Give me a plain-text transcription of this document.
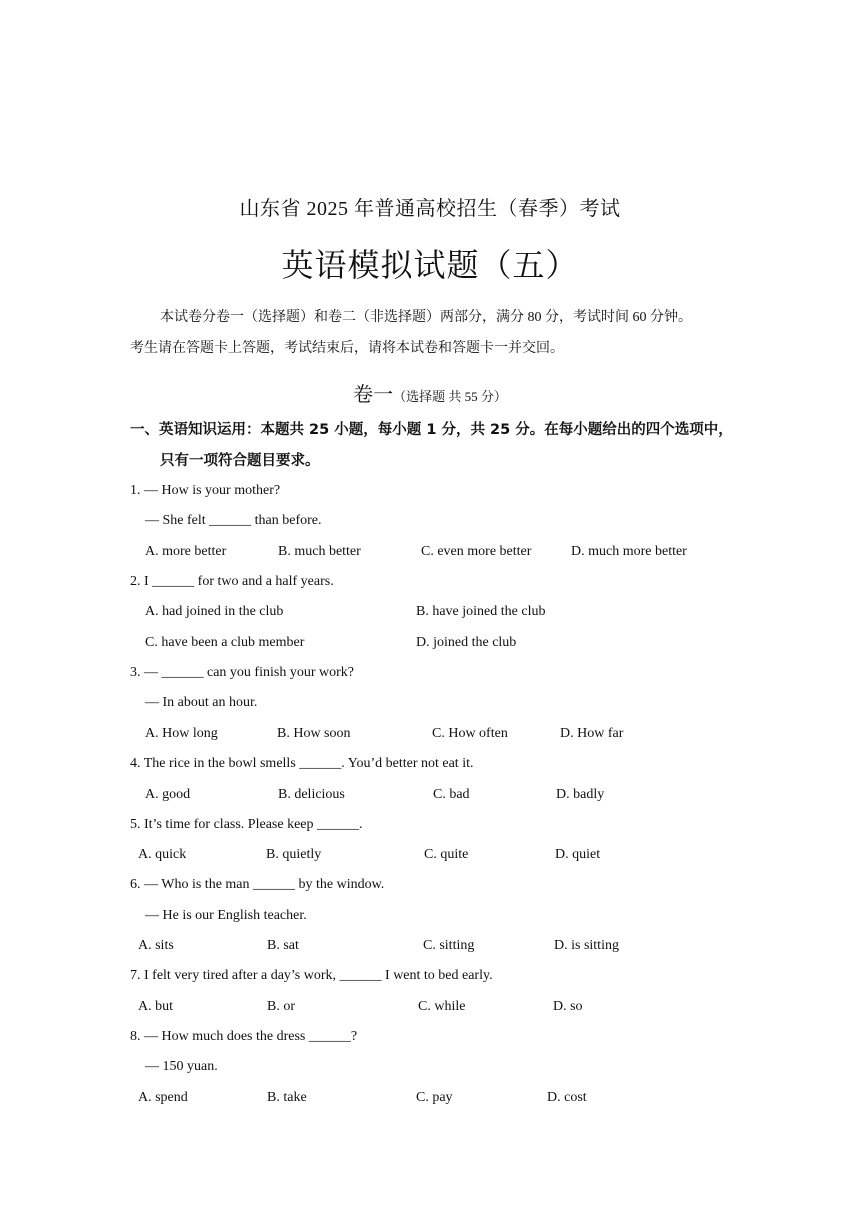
山东省 2025 年普通高校招生（春季）考试
英语模拟试题（五）
本试卷分卷一（选择题）和卷二（非选择题）两部分，满分 80 分，考试时间 60 分钟。
考生请在答题卡上答题，考试结束后，请将本试卷和答题卡一并交回。
卷一（选择题 共 55 分）
一、英语知识运用：本题共 25 小题，每小题 1 分，共 25 分。在每小题给出的四个选项中，
只有一项符合题目要求。
1. — How is your mother?
— She felt ______ than before.
A. more better	B. much better	C. even more better	D. much more better
2. I ______ for two and a half years.
A. had joined in the club	B. have joined the club
C. have been a club member	D. joined the club
3. — ______ can you finish your work?
— In about an hour.
A. How long	B. How soon	C. How often	D. How far
4. The rice in the bowl smells ______. You’d better not eat it.
A. good	B. delicious	C. bad	D. badly
5. It’s time for class. Please keep ______.
A. quick	B. quietly	C. quite	D. quiet
6. — Who is the man ______ by the window.
— He is our English teacher.
A. sits	B. sat	C. sitting	D. is sitting
7. I felt very tired after a day’s work, ______ I went to bed early.
A. but	B. or	C. while	D. so
8. — How much does the dress ______?
— 150 yuan.
A. spend	B. take	C. pay	D. cost
